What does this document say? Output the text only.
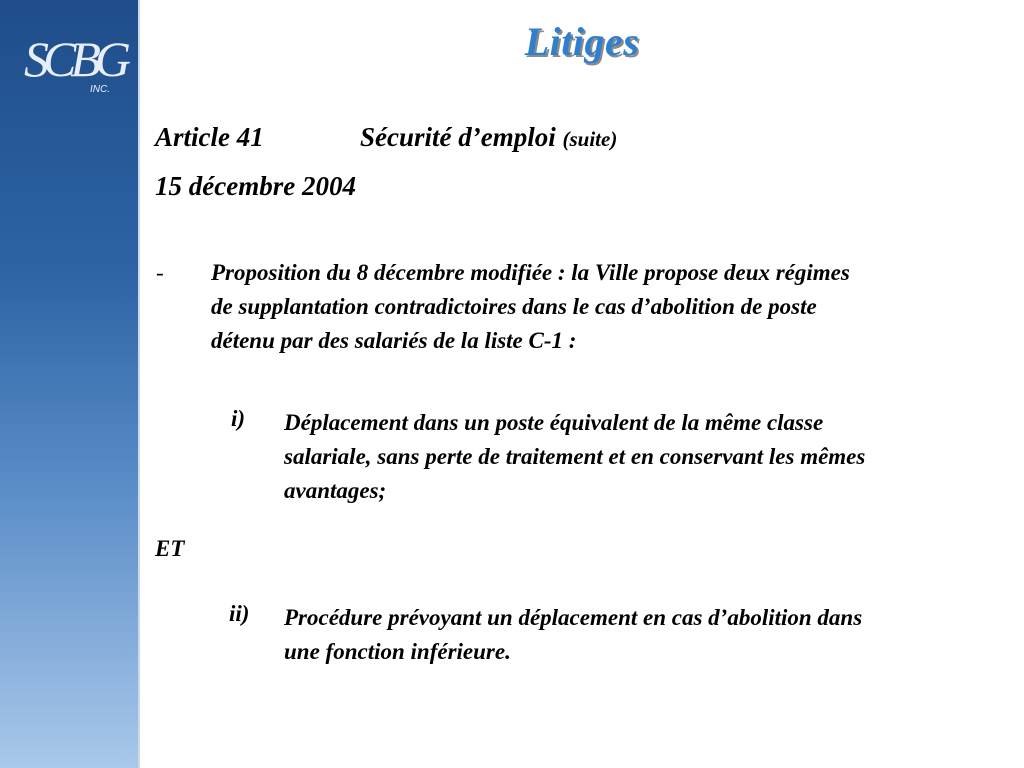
SCBG
INC.
Litiges
Article 41	Sécurité d’emploi (suite)
15 décembre 2004
- Proposition du 8 décembre modifiée : la Ville propose deux régimes
de supplantation contradictoires dans le cas d’abolition de poste
détenu par des salariés de la liste C-1 :
i) Déplacement dans un poste équivalent de la même classe
salariale, sans perte de traitement et en conservant les mêmes
avantages;
ET
ii) Procédure prévoyant un déplacement en cas d’abolition dans
une fonction inférieure.
